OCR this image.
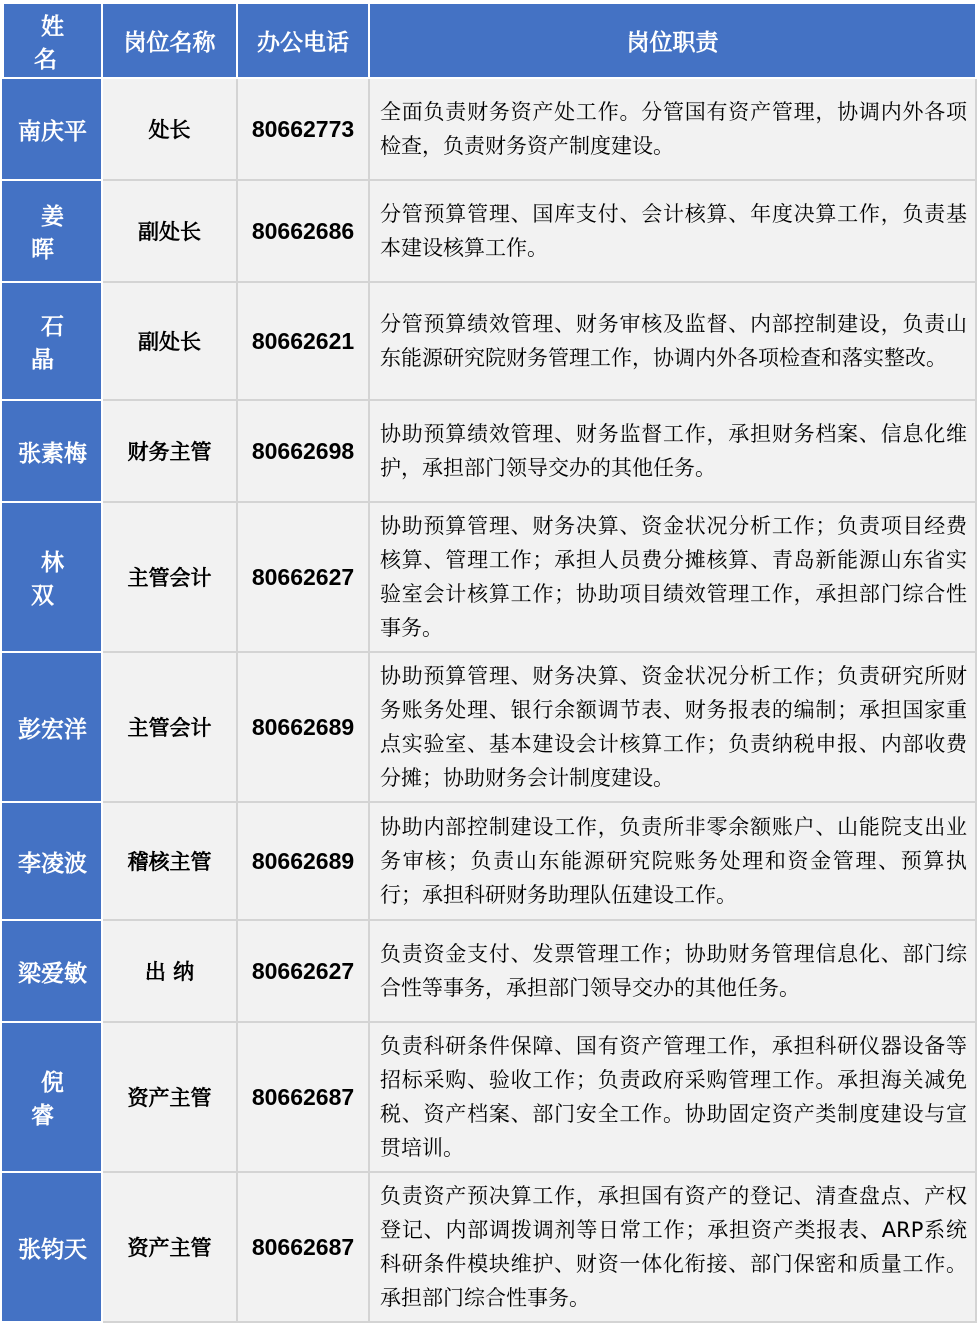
姓 名	岗位名称	办公电话	岗位职责
南庆平	处长	80662773	全面负责财务资产处工作。分管国有资产管理，协调内外各项检查，负责财务资产制度建设。
姜 晖	副处长	80662686	分管预算管理、国库支付、会计核算、年度决算工作，负责基本建设核算工作。
石 晶	副处长	80662621	分管预算绩效管理、财务审核及监督、内部控制建设，负责山东能源研究院财务管理工作，协调内外各项检查和落实整改。
张素梅	财务主管	80662698	协助预算绩效管理、财务监督工作，承担财务档案、信息化维护，承担部门领导交办的其他任务。
林 双	主管会计	80662627	协助预算管理、财务决算、资金状况分析工作；负责项目经费核算、管理工作；承担人员费分摊核算、青岛新能源山东省实验室会计核算工作；协助项目绩效管理工作，承担部门综合性事务。
彭宏洋	主管会计	80662689	协助预算管理、财务决算、资金状况分析工作；负责研究所财务账务处理、银行余额调节表、财务报表的编制；承担国家重点实验室、基本建设会计核算工作；负责纳税申报、内部收费分摊；协助财务会计制度建设。
李凌波	稽核主管	80662689	协助内部控制建设工作，负责所非零余额账户、山能院支出业务审核；负责山东能源研究院账务处理和资金管理、预算执行；承担科研财务助理队伍建设工作。
梁爱敏	出 纳	80662627	负责资金支付、发票管理工作；协助财务管理信息化、部门综合性等事务，承担部门领导交办的其他任务。
倪 睿	资产主管	80662687	负责科研条件保障、国有资产管理工作，承担科研仪器设备等招标采购、验收工作；负责政府采购管理工作。承担海关减免税、资产档案、部门安全工作。协助固定资产类制度建设与宣贯培训。
张钧天	资产主管	80662687	负责资产预决算工作，承担国有资产的登记、清查盘点、产权登记、内部调拨调剂等日常工作；承担资产类报表、ARP系统科研条件模块维护、财资一体化衔接、部门保密和质量工作。承担部门综合性事务。
